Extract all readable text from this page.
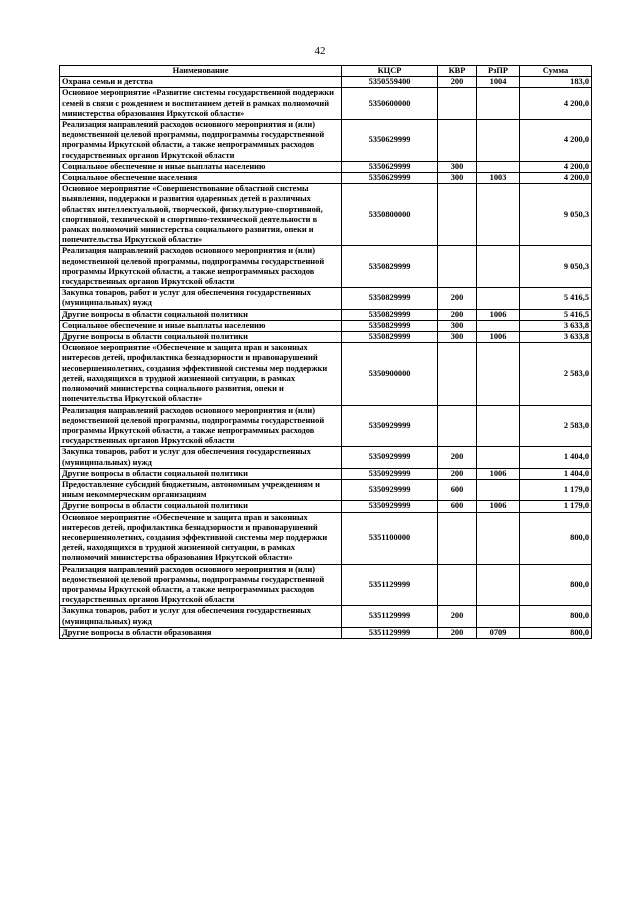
42
Наименование	КЦСР	КВР	РзПР	Сумма
Охрана семьи и детства	5350559400	200	1004	183,0
Основное мероприятие «Развитие системы государственной поддержки семей в связи с рождением и воспитанием детей в рамках полномочий министерства образования Иркутской области»	5350600000			4 200,0
Реализация направлений расходов основного мероприятия и (или) ведомственной целевой программы, подпрограммы государственной программы Иркутской области, а также непрограммных расходов государственных органов Иркутской области	5350629999			4 200,0
Социальное обеспечение и иные выплаты населению	5350629999	300		4 200,0
Социальное обеспечение населения	5350629999	300	1003	4 200,0
Основное мероприятие «Совершенствование областной системы выявления, поддержки и развития одаренных детей в различных областях интеллектуальной, творческой, физкультурно-спортивной, спортивной, технической и спортивно-технической деятельности в рамках полномочий министерства социального развития, опеки и попечительства Иркутской области»	5350800000			9 050,3
Реализация направлений расходов основного мероприятия и (или) ведомственной целевой программы, подпрограммы государственной программы Иркутской области, а также непрограммных расходов государственных органов Иркутской области	5350829999			9 050,3
Закупка товаров, работ и услуг для обеспечения государственных (муниципальных) нужд	5350829999	200		5 416,5
Другие вопросы в области социальной политики	5350829999	200	1006	5 416,5
Социальное обеспечение и иные выплаты населению	5350829999	300		3 633,8
Другие вопросы в области социальной политики	5350829999	300	1006	3 633,8
Основное мероприятие «Обеспечение и защита прав и законных интересов детей, профилактика безнадзорности и правонарушений несовершеннолетних, создания эффективной системы мер поддержки детей, находящихся в трудной жизненной ситуации, в рамках полномочий министерства социального развития, опеки и попечительства Иркутской области»	5350900000			2 583,0
Реализация направлений расходов основного мероприятия и (или) ведомственной целевой программы, подпрограммы государственной программы Иркутской области, а также непрограммных расходов государственных органов Иркутской области	5350929999			2 583,0
Закупка товаров, работ и услуг для обеспечения государственных (муниципальных) нужд	5350929999	200		1 404,0
Другие вопросы в области социальной политики	5350929999	200	1006	1 404,0
Предоставление субсидий бюджетным, автономным учреждениям и иным некоммерческим организациям	5350929999	600		1 179,0
Другие вопросы в области социальной политики	5350929999	600	1006	1 179,0
Основное мероприятие «Обеспечение и защита прав и законных интересов детей, профилактика безнадзорности и правонарушений несовершеннолетних, создания эффективной системы мер поддержки детей, находящихся в трудной жизненной ситуации, в рамках полномочий министерства образования Иркутской области»	5351100000			800,0
Реализация направлений расходов основного мероприятия и (или) ведомственной целевой программы, подпрограммы государственной программы Иркутской области, а также непрограммных расходов государственных органов Иркутской области	5351129999			800,0
Закупка товаров, работ и услуг для обеспечения государственных (муниципальных) нужд	5351129999	200		800,0
Другие вопросы в области образования	5351129999	200	0709	800,0
